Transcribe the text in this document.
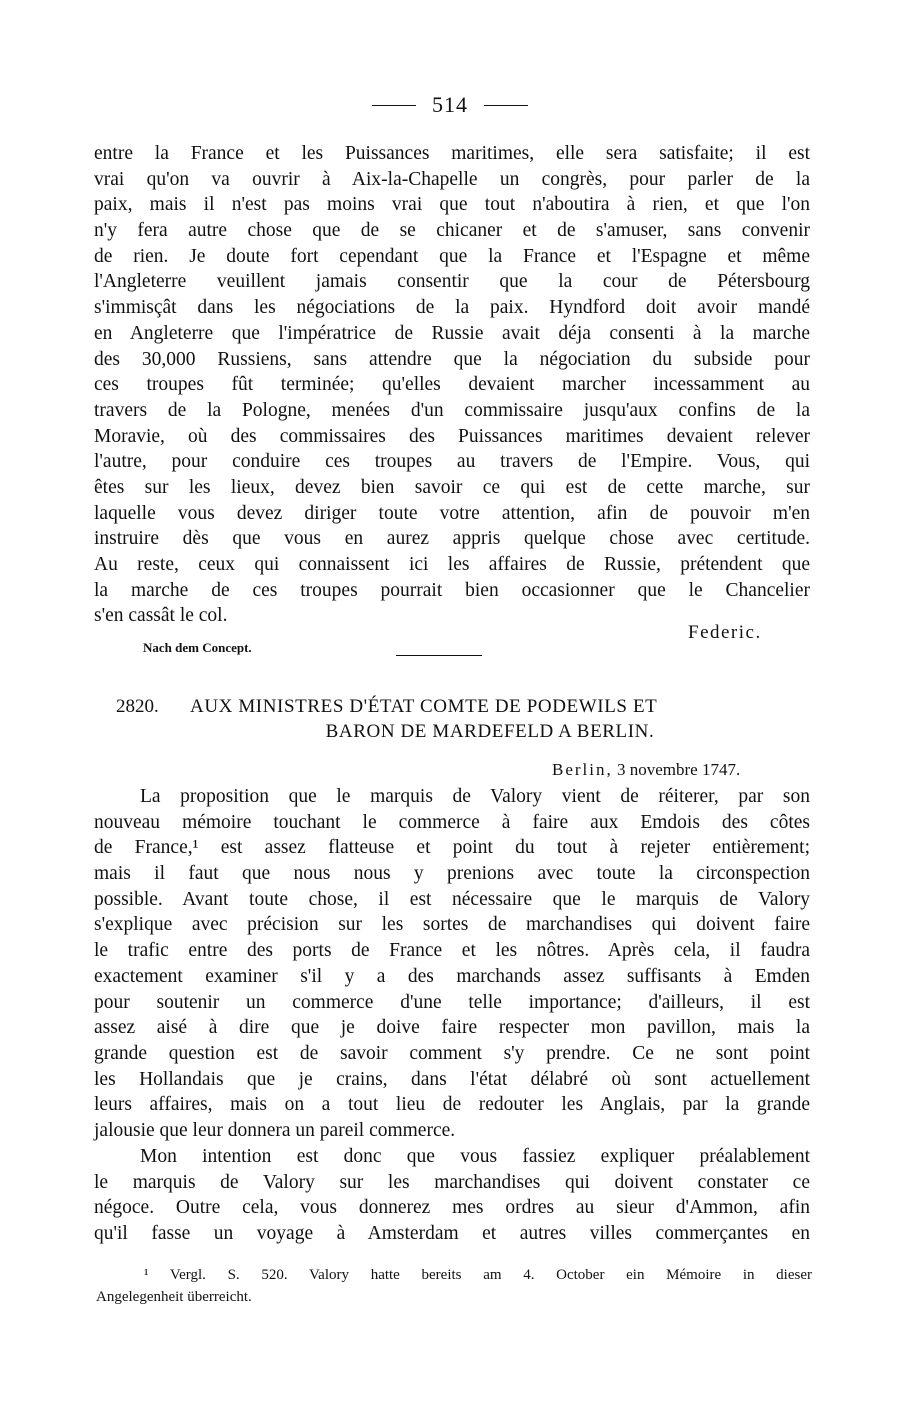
514
entre la France et les Puissances maritimes, elle sera satisfaite; il est
vrai qu'on va ouvrir à Aix-la-Chapelle un congrès, pour parler de la
paix, mais il n'est pas moins vrai que tout n'aboutira à rien, et que l'on
n'y fera autre chose que de se chicaner et de s'amuser, sans convenir
de rien. Je doute fort cependant que la France et l'Espagne et même
l'Angleterre veuillent jamais consentir que la cour de Pétersbourg
s'immisçât dans les négociations de la paix. Hyndford doit avoir mandé
en Angleterre que l'impératrice de Russie avait déja consenti à la marche
des 30,000 Russiens, sans attendre que la négociation du subside pour
ces troupes fût terminée; qu'elles devaient marcher incessamment au
travers de la Pologne, menées d'un commissaire jusqu'aux confins de la
Moravie, où des commissaires des Puissances maritimes devaient relever
l'autre, pour conduire ces troupes au travers de l'Empire. Vous, qui
êtes sur les lieux, devez bien savoir ce qui est de cette marche, sur
laquelle vous devez diriger toute votre attention, afin de pouvoir m'en
instruire dès que vous en aurez appris quelque chose avec certitude.
Au reste, ceux qui connaissent ici les affaires de Russie, prétendent que
la marche de ces troupes pourrait bien occasionner que le Chancelier
s'en cassât le col.
Federic.
Nach dem Concept.
2820. AUX MINISTRES D'ÉTAT COMTE DE PODEWILS ET
BARON DE MARDEFELD A BERLIN.
Berlin, 3 novembre 1747.
La proposition que le marquis de Valory vient de réiterer, par son
nouveau mémoire touchant le commerce à faire aux Emdois des côtes
de France,¹ est assez flatteuse et point du tout à rejeter entièrement;
mais il faut que nous nous y prenions avec toute la circonspection
possible. Avant toute chose, il est nécessaire que le marquis de Valory
s'explique avec précision sur les sortes de marchandises qui doivent faire
le trafic entre des ports de France et les nôtres. Après cela, il faudra
exactement examiner s'il y a des marchands assez suffisants à Emden
pour soutenir un commerce d'une telle importance; d'ailleurs, il est
assez aisé à dire que je doive faire respecter mon pavillon, mais la
grande question est de savoir comment s'y prendre. Ce ne sont point
les Hollandais que je crains, dans l'état délabré où sont actuellement
leurs affaires, mais on a tout lieu de redouter les Anglais, par la grande
jalousie que leur donnera un pareil commerce.
Mon intention est donc que vous fassiez expliquer préalablement
le marquis de Valory sur les marchandises qui doivent constater ce
négoce. Outre cela, vous donnerez mes ordres au sieur d'Ammon, afin
qu'il fasse un voyage à Amsterdam et autres villes commerçantes en
¹ Vergl. S. 520. Valory hatte bereits am 4. October ein Mémoire in dieser
Angelegenheit überreicht.
